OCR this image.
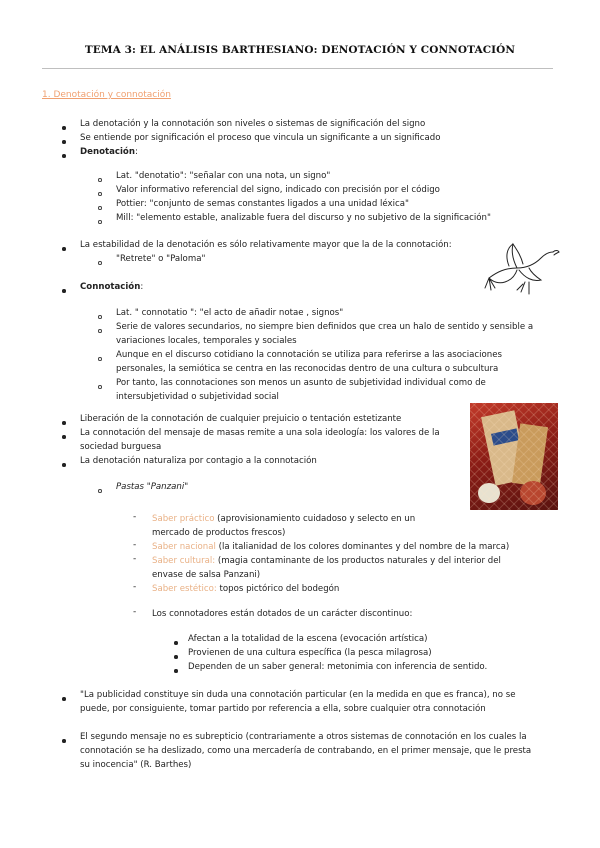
TEMA 3: EL ANÁLISIS BARTHESIANO: DENOTACIÓN Y CONNOTACIÓN
1. Denotación y connotación
La denotación y la connotación son niveles o sistemas de significación del signo
Se entiende por significación el proceso que vincula un significante a un significado
Denotación:
Lat. "denotatio": "señalar con una nota, un signo"
Valor informativo referencial del signo, indicado con precisión por el código
Pottier: "conjunto de semas constantes ligados a una unidad léxica"
Mill: "elemento estable, analizable fuera del discurso y no subjetivo de la significación"
La estabilidad de la denotación es sólo relativamente mayor que la de la connotación:
"Retrete" o "Paloma"
Connotación:
Lat. " connotatio ": "el acto de añadir notae , signos"
Serie de valores secundarios, no siempre bien definidos que crea un halo de sentido y sensible a
variaciones locales, temporales y sociales
Aunque en el discurso cotidiano la connotación se utiliza para referirse a las asociaciones
personales, la semiótica se centra en las reconocidas dentro de una cultura o subcultura
Por tanto, las connotaciones son menos un asunto de subjetividad individual como de
intersubjetividad o subjetividad social
Liberación de la connotación de cualquier prejuicio o tentación estetizante
La connotación del mensaje de masas remite a una sola ideología: los valores de la
sociedad burguesa
La denotación naturaliza por contagio a la connotación
Pastas "Panzani"
- Saber práctico (aprovisionamiento cuidadoso y selecto en un
mercado de productos frescos)
- Saber nacional (la italianidad de los colores dominantes y del nombre de la marca)
- Saber cultural: (magia contaminante de los productos naturales y del interior del
envase de salsa Panzani)
- Saber estético: topos pictórico del bodegón
- Los connotadores están dotados de un carácter discontinuo:
Afectan a la totalidad de la escena (evocación artística)
Provienen de una cultura específica (la pesca milagrosa)
Dependen de un saber general: metonimia con inferencia de sentido.
"La publicidad constituye sin duda una connotación particular (en la medida en que es franca), no se
puede, por consiguiente, tomar partido por referencia a ella, sobre cualquier otra connotación
El segundo mensaje no es subrepticio (contrariamente a otros sistemas de connotación en los cuales la
connotación se ha deslizado, como una mercadería de contrabando, en el primer mensaje, que le presta
su inocencia" (R. Barthes)
